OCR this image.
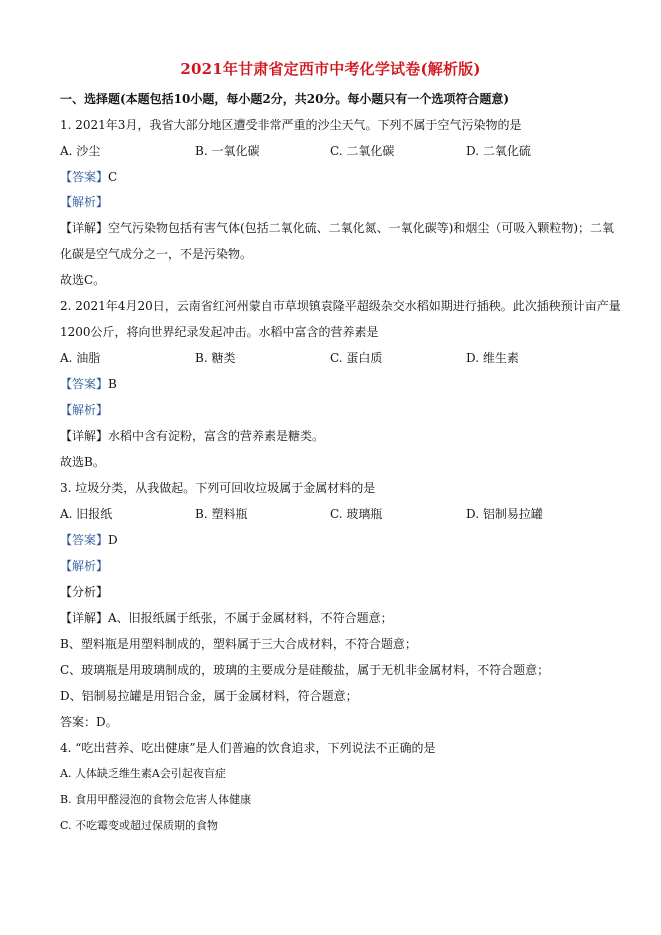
2021年甘肃省定西市中考化学试卷(解析版)
一、选择题(本题包括10小题，每小题2分，共20分。每小题只有一个选项符合题意)
1. 2021年3月，我省大部分地区遭受非常严重的沙尘天气。下列不属于空气污染物的是
A. 沙尘	B. 一氧化碳	C. 二氧化碳	D. 二氧化硫
【答案】C
【解析】
【详解】空气污染物包括有害气体(包括二氧化硫、二氧化氮、一氧化碳等)和烟尘（可吸入颗粒物)；二氧
化碳是空气成分之一，不是污染物。
故选C。
2. 2021年4月20日，云南省红河州蒙自市草坝镇袁隆平超级杂交水稻如期进行插秧。此次插秧预计亩产量
1200公斤，将向世界纪录发起冲击。水稻中富含的营养素是
A. 油脂	B. 糖类	C. 蛋白质	D. 维生素
【答案】B
【解析】
【详解】水稻中含有淀粉，富含的营养素是糖类。
故选B。
3. 垃圾分类，从我做起。下列可回收垃圾属于金属材料的是
A. 旧报纸	B. 塑料瓶	C. 玻璃瓶	D. 铝制易拉罐
【答案】D
【解析】
【分析】
【详解】A、旧报纸属于纸张，不属于金属材料，不符合题意；
B、塑料瓶是用塑料制成的，塑料属于三大合成材料，不符合题意；
C、玻璃瓶是用玻璃制成的，玻璃的主要成分是硅酸盐，属于无机非金属材料，不符合题意；
D、铝制易拉罐是用铝合金，属于金属材料，符合题意；
答案：D。
4. “吃出营养、吃出健康”是人们普遍的饮食追求，下列说法不正确的是
A. 人体缺乏维生素A会引起夜盲症
B. 食用甲醛浸泡的食物会危害人体健康
C. 不吃霉变或超过保质期的食物
